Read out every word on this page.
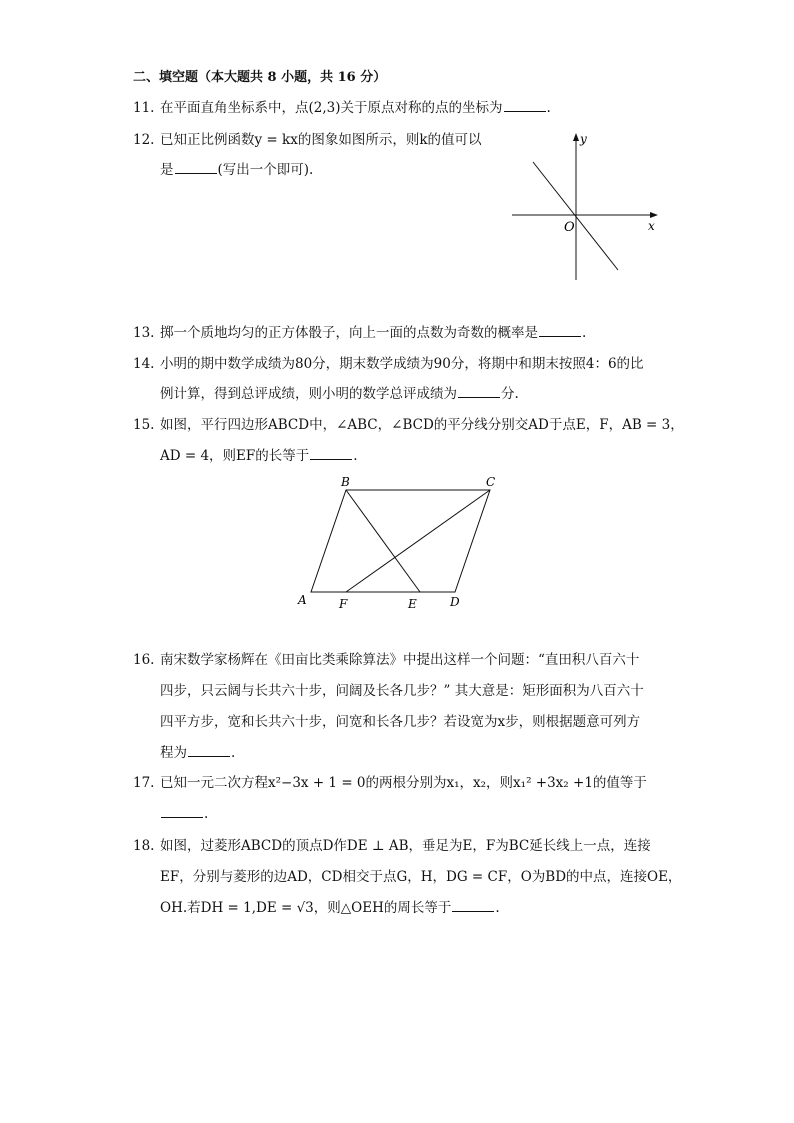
二、填空题（本大题共 8 小题，共 16 分）
11. 在平面直角坐标系中，点(2,3)关于原点对称的点的坐标为	.
12. 已知正比例函数y = kx的图象如图所示，则k的值可以
是	(写出一个即可).
y
x
O
13. 掷一个质地均匀的正方体骰子，向上一面的点数为奇数的概率是	.
14. 小明的期中数学成绩为80分，期末数学成绩为90分，将期中和期末按照4：6的比
例计算，得到总评成绩，则小明的数学总评成绩为	分.
15. 如图，平行四边形ABCD中，∠ABC，∠BCD的平分线分别交AD于点E，F，AB = 3，
AD = 4，则EF的长等于	.
B	C
A	F	E	D
16. 南宋数学家杨辉在《田亩比类乘除算法》中提出这样一个问题：“直田积八百六十
四步，只云阔与长共六十步，问阔及长各几步？” 其大意是：矩形面积为八百六十
四平方步，宽和长共六十步，问宽和长各几步？若设宽为x步，则根据题意可列方
程为	.
17. 已知一元二次方程x²−3x + 1 = 0的两根分别为x₁，x₂，则x₁² +3x₂ +1的值等于
.
18. 如图，过菱形ABCD的顶点D作DE ⊥ AB，垂足为E，F为BC延长线上一点，连接
EF，分别与菱形的边AD，CD相交于点G，H，DG = CF，O为BD的中点，连接OE，
OH.若DH = 1,DE = √3，则△OEH的周长等于	.
